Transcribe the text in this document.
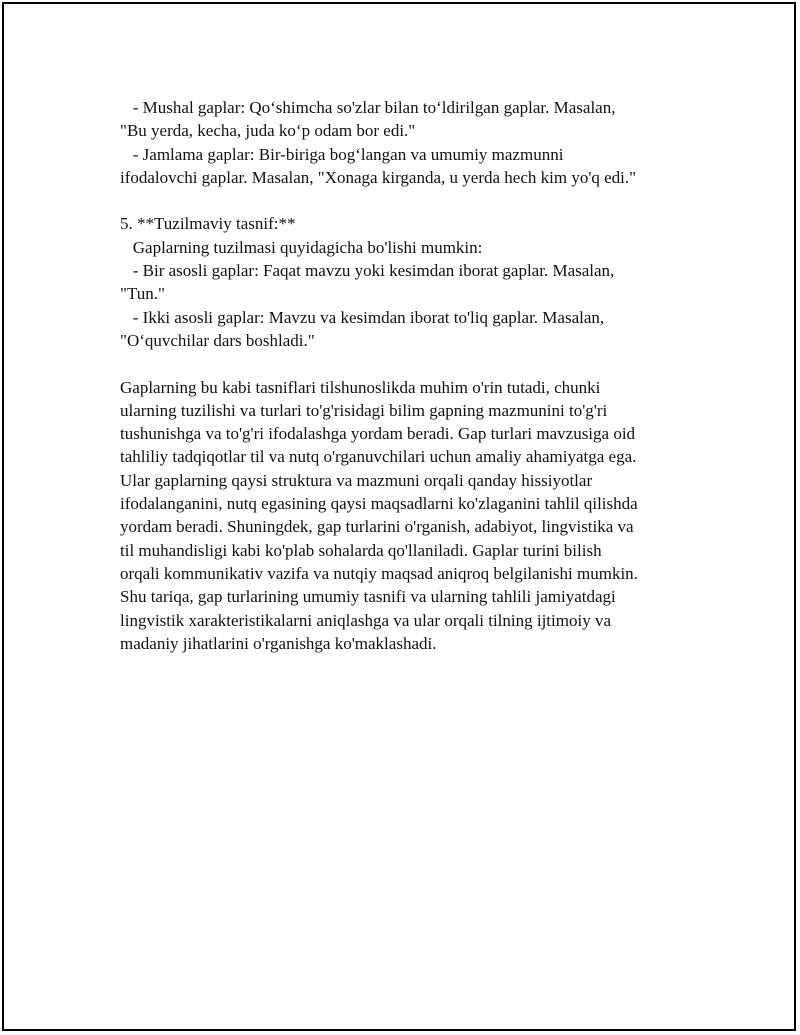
- Mushal gaplar: Qo‘shimcha so'zlar bilan to‘ldirilgan gaplar. Masalan,
"Bu yerda, kecha, juda ko‘p odam bor edi."
- Jamlama gaplar: Bir-biriga bog‘langan va umumiy mazmunni
ifodalovchi gaplar. Masalan, "Xonaga kirganda, u yerda hech kim yo'q edi."
5. **Tuzilmaviy tasnif:**
Gaplarning tuzilmasi quyidagicha bo'lishi mumkin:
- Bir asosli gaplar: Faqat mavzu yoki kesimdan iborat gaplar. Masalan,
"Tun."
- Ikki asosli gaplar: Mavzu va kesimdan iborat to'liq gaplar. Masalan,
"O‘quvchilar dars boshladi."
Gaplarning bu kabi tasniflari tilshunoslikda muhim o'rin tutadi, chunki
ularning tuzilishi va turlari to'g'risidagi bilim gapning mazmunini to'g'ri
tushunishga va to'g'ri ifodalashga yordam beradi. Gap turlari mavzusiga oid
tahliliy tadqiqotlar til va nutq o'rganuvchilari uchun amaliy ahamiyatga ega.
Ular gaplarning qaysi struktura va mazmuni orqali qanday hissiyotlar
ifodalanganini, nutq egasining qaysi maqsadlarni ko'zlaganini tahlil qilishda
yordam beradi. Shuningdek, gap turlarini o'rganish, adabiyot, lingvistika va
til muhandisligi kabi ko'plab sohalarda qo'llaniladi. Gaplar turini bilish
orqali kommunikativ vazifa va nutqiy maqsad aniqroq belgilanishi mumkin.
Shu tariqa, gap turlarining umumiy tasnifi va ularning tahlili jamiyatdagi
lingvistik xarakteristikalarni aniqlashga va ular orqali tilning ijtimoiy va
madaniy jihatlarini o'rganishga ko'maklashadi.
